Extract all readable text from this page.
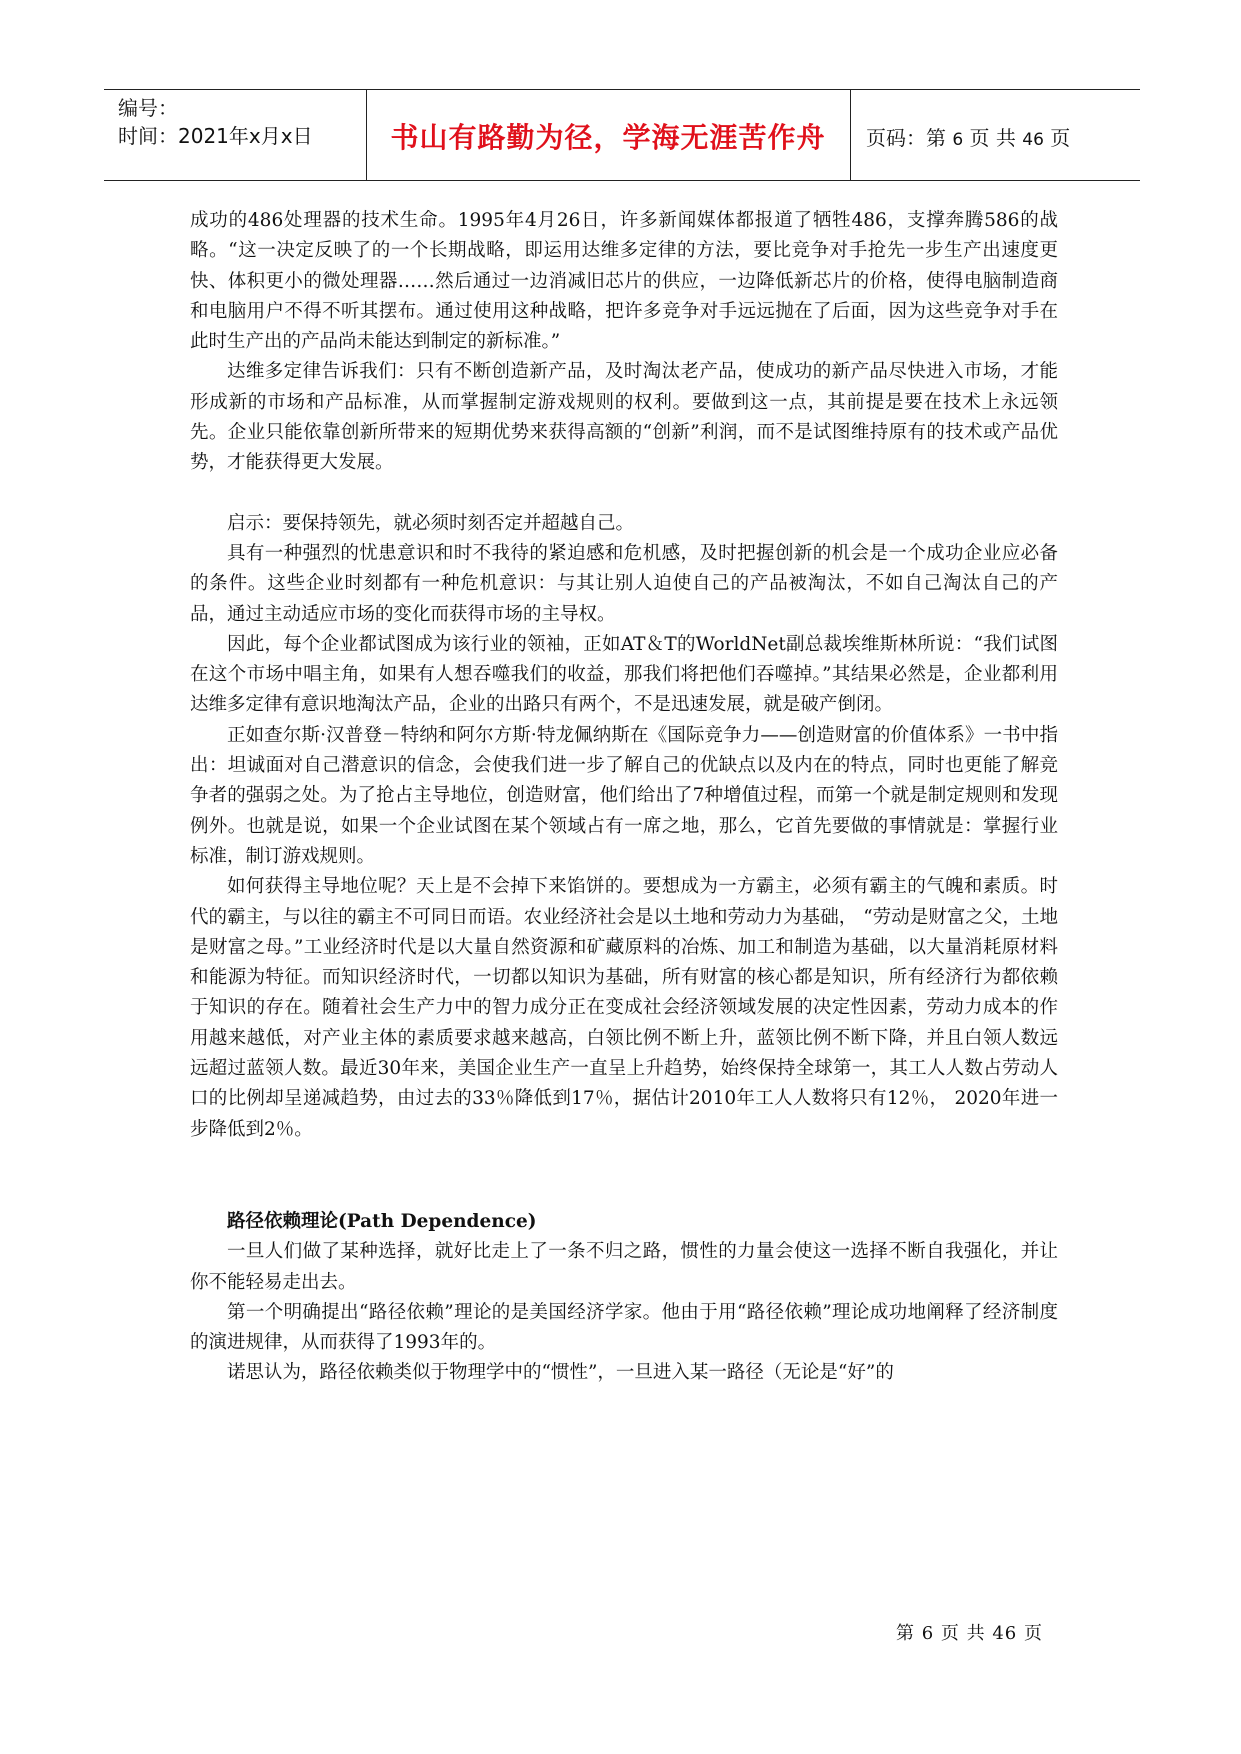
编号：
时间：2021年x月x日	书山有路勤为径，学海无涯苦作舟	页码：第 6 页 共 46 页

成功的486处理器的技术生命。1995年4月26日，许多新闻媒体都报道了牺牲486，支撑奔腾586的战略。“这一决定反映了的一个长期战略，即运用达维多定律的方法，要比竞争对手抢先一步生产出速度更快、体积更小的微处理器……然后通过一边消减旧芯片的供应，一边降低新芯片的价格，使得电脑制造商和电脑用户不得不听其摆布。通过使用这种战略，把许多竞争对手远远抛在了后面，因为这些竞争对手在此时生产出的产品尚未能达到制定的新标准。”

达维多定律告诉我们：只有不断创造新产品，及时淘汰老产品，使成功的新产品尽快进入市场，才能形成新的市场和产品标准，从而掌握制定游戏规则的权利。要做到这一点，其前提是要在技术上永远领先。企业只能依靠创新所带来的短期优势来获得高额的“创新”利润，而不是试图维持原有的技术或产品优势，才能获得更大发展。

启示：要保持领先，就必须时刻否定并超越自己。

具有一种强烈的忧患意识和时不我待的紧迫感和危机感，及时把握创新的机会是一个成功企业应必备的条件。这些企业时刻都有一种危机意识：与其让别人迫使自己的产品被淘汰，不如自己淘汰自己的产品，通过主动适应市场的变化而获得市场的主导权。

因此，每个企业都试图成为该行业的领袖，正如AT＆T的WorldNet副总裁埃维斯林所说：“我们试图在这个市场中唱主角，如果有人想吞噬我们的收益，那我们将把他们吞噬掉。”其结果必然是，企业都利用达维多定律有意识地淘汰产品，企业的出路只有两个，不是迅速发展，就是破产倒闭。

正如查尔斯·汉普登－特纳和阿尔方斯·特龙佩纳斯在《国际竞争力——创造财富的价值体系》一书中指出：坦诚面对自己潜意识的信念，会使我们进一步了解自己的优缺点以及内在的特点，同时也更能了解竞争者的强弱之处。为了抢占主导地位，创造财富，他们给出了7种增值过程，而第一个就是制定规则和发现例外。也就是说，如果一个企业试图在某个领域占有一席之地，那么，它首先要做的事情就是：掌握行业标准，制订游戏规则。

如何获得主导地位呢？天上是不会掉下来馅饼的。要想成为一方霸主，必须有霸主的气魄和素质。时代的霸主，与以往的霸主不可同日而语。农业经济社会是以土地和劳动力为基础， “劳动是财富之父，土地是财富之母。”工业经济时代是以大量自然资源和矿藏原料的冶炼、加工和制造为基础，以大量消耗原材料和能源为特征。而知识经济时代，一切都以知识为基础，所有财富的核心都是知识，所有经济行为都依赖于知识的存在。随着社会生产力中的智力成分正在变成社会经济领域发展的决定性因素，劳动力成本的作用越来越低，对产业主体的素质要求越来越高，白领比例不断上升，蓝领比例不断下降，并且白领人数远远超过蓝领人数。最近30年来，美国企业生产一直呈上升趋势，始终保持全球第一，其工人人数占劳动人口的比例却呈递减趋势，由过去的33％降低到17％，据估计2010年工人人数将只有12％， 2020年进一步降低到2％。

路径依赖理论(Path Dependence)

一旦人们做了某种选择，就好比走上了一条不归之路，惯性的力量会使这一选择不断自我强化，并让你不能轻易走出去。

第一个明确提出“路径依赖”理论的是美国经济学家。他由于用“路径依赖”理论成功地阐释了经济制度的演进规律，从而获得了1993年的。

诺思认为，路径依赖类似于物理学中的“惯性”，一旦进入某一路径（无论是“好”的

第 6 页 共 46 页
